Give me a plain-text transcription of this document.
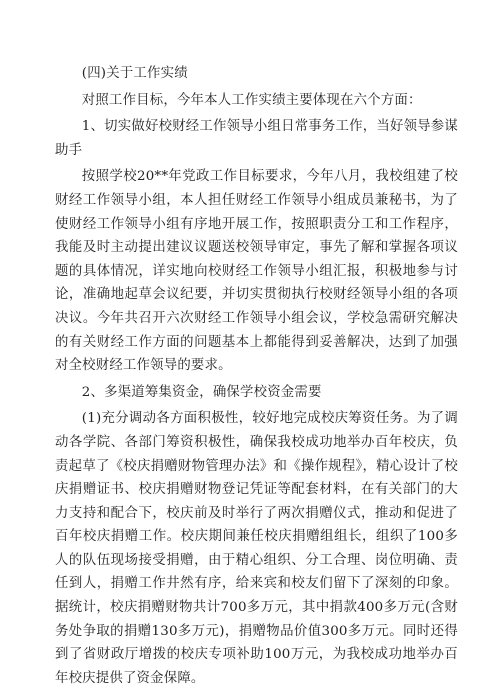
(四)关于工作实绩

对照工作目标，今年本人工作实绩主要体现在六个方面：

1、切实做好校财经工作领导小组日常事务工作，当好领导参谋助手

按照学校20**年党政工作目标要求，今年八月，我校组建了校财经工作领导小组，本人担任财经工作领导小组成员兼秘书，为了使财经工作领导小组有序地开展工作，按照职责分工和工作程序，我能及时主动提出建议议题送校领导审定，事先了解和掌握各项议题的具体情况，详实地向校财经工作领导小组汇报，积极地参与讨论，准确地起草会议纪要，并切实贯彻执行校财经领导小组的各项决议。今年共召开六次财经工作领导小组会议，学校急需研究解决的有关财经工作方面的问题基本上都能得到妥善解决，达到了加强对全校财经工作领导的要求。

2、多渠道筹集资金，确保学校资金需要

(1)充分调动各方面积极性，较好地完成校庆筹资任务。为了调动各学院、各部门筹资积极性，确保我校成功地举办百年校庆，负责起草了《校庆捐赠财物管理办法》和《操作规程》，精心设计了校庆捐赠证书、校庆捐赠财物登记凭证等配套材料，在有关部门的大力支持和配合下，校庆前及时举行了两次捐赠仪式，推动和促进了百年校庆捐赠工作。校庆期间兼任校庆捐赠组组长，组织了100多人的队伍现场接受捐赠，由于精心组织、分工合理、岗位明确、责任到人，捐赠工作井然有序，给来宾和校友们留下了深刻的印象。据统计，校庆捐赠财物共计700多万元，其中捐款400多万元(含财务处争取的捐赠130多万元)，捐赠物品价值300多万元。同时还得到了省财政厅增拨的校庆专项补助100万元，为我校成功地举办百年校庆提供了资金保障。
